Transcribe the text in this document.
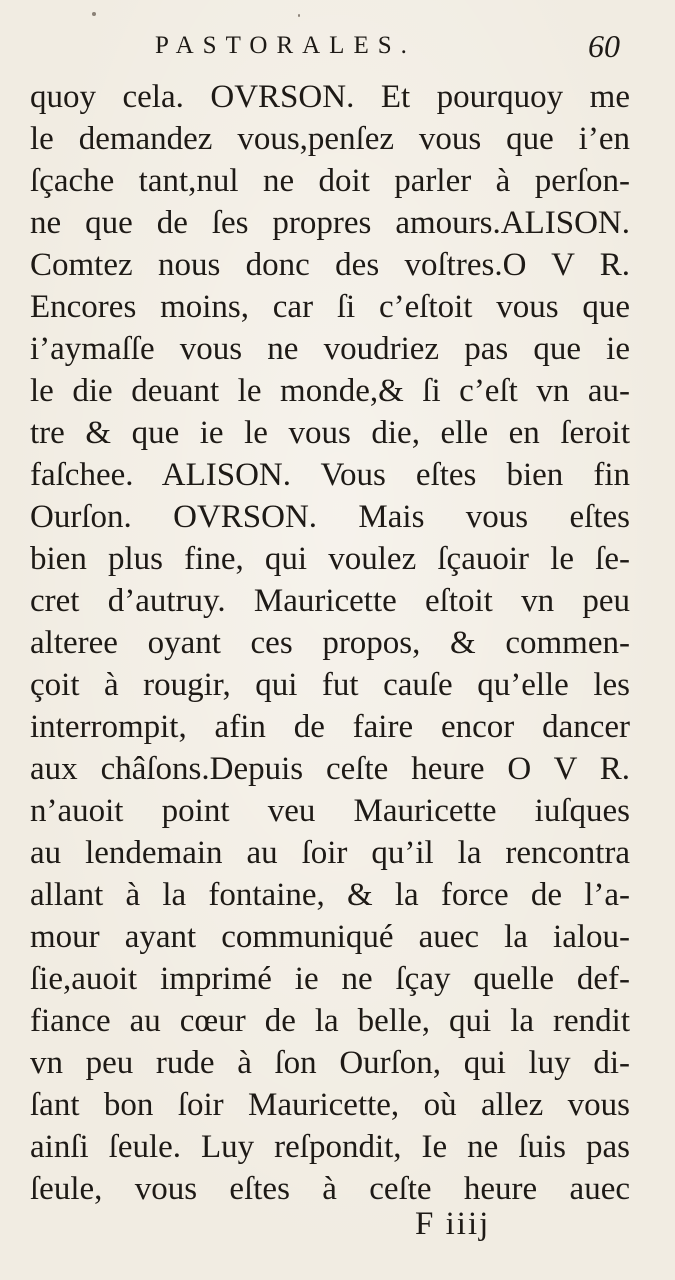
PASTORALES.	60
quoy cela. OVRSON. Et pourquoy me
le demandez vous,penſez vous que i’en
ſçache tant,nul ne doit parler à perſon-
ne que de ſes propres amours.ALISON.
Comtez nous donc des voſtres.O V R.
Encores moins, car ſi c’eſtoit vous que
i’aymaſſe vous ne voudriez pas que ie
le die deuant le monde,& ſi c’eſt vn au-
tre & que ie le vous die, elle en ſeroit
faſchee. ALISON. Vous eſtes bien fin
Ourſon. OVRSON. Mais vous eſtes
bien plus fine, qui voulez ſçauoir le ſe-
cret d’autruy. Mauricette eſtoit vn peu
alteree oyant ces propos, & commen-
çoit à rougir, qui fut cauſe qu’elle les
interrompit, afin de faire encor dancer
aux châſons.Depuis ceſte heure O V R.
n’auoit point veu Mauricette iuſques
au lendemain au ſoir qu’il la rencontra
allant à la fontaine, & la force de l’a-
mour ayant communiqué auec la ialou-
ſie,auoit imprimé ie ne ſçay quelle def-
fiance au cœur de la belle, qui la rendit
vn peu rude à ſon Ourſon, qui luy di-
ſant bon ſoir Mauricette, où allez vous
ainſi ſeule. Luy reſpondit, Ie ne ſuis pas
ſeule, vous eſtes à ceſte heure auec
F iiij
